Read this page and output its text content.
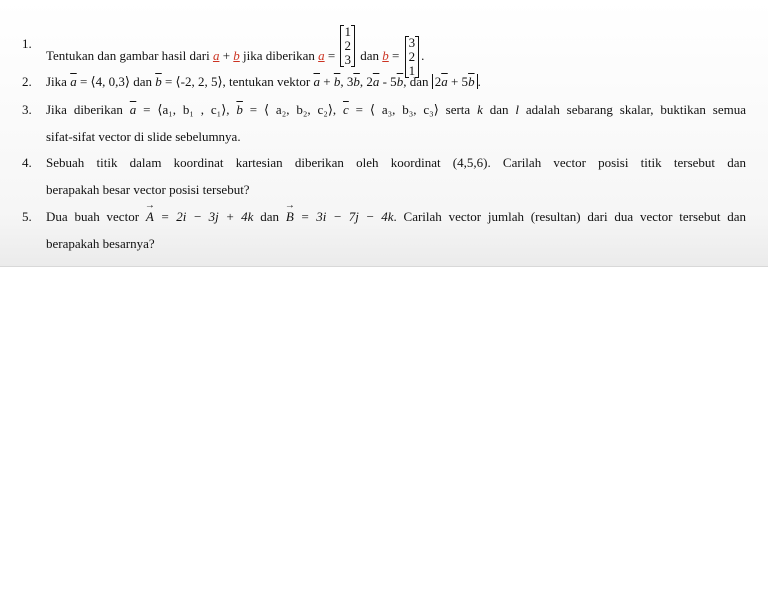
1.
Tentukan dan gambar hasil dari a + b jika diberikan a =
1
2
3 dan b =
3
2
1
.
2.	Jika $\overline{a}$ = ⟨4, 0,3⟩ dan $\overline{b}$ = ⟨-2, 2, 5⟩, tentukan vektor $\overline{a} + \overline{b}$, $3\overline{b}$, $2\overline{a} - 5\overline{b}$, dan $2\overline{a} + 5\overline{b}$ .
3.	Jika diberikan $\overline{a}$ = ⟨a₁, b₁ , c₁⟩, $\overline{b}$ = ⟨ a₂, b₂, c₂⟩, $\overline{c}$ = ⟨ a₃, b₃, c₃⟩ serta k dan l adalah sebarang skalar, buktikan semua
sifat-sifat vector di slide sebelumnya.
4.	Sebuah titik dalam koordinat kartesian diberikan oleh koordinat (4,5,6). Carilah vector posisi titik tersebut dan
berapakah besar vector posisi tersebut?
5.	Dua buah vector → A = 2i − 3j + 4k dan → B = 3i − 7j − 4k. Carilah vector jumlah (resultan) dari dua vector tersebut dan
berapakah besarnya?
